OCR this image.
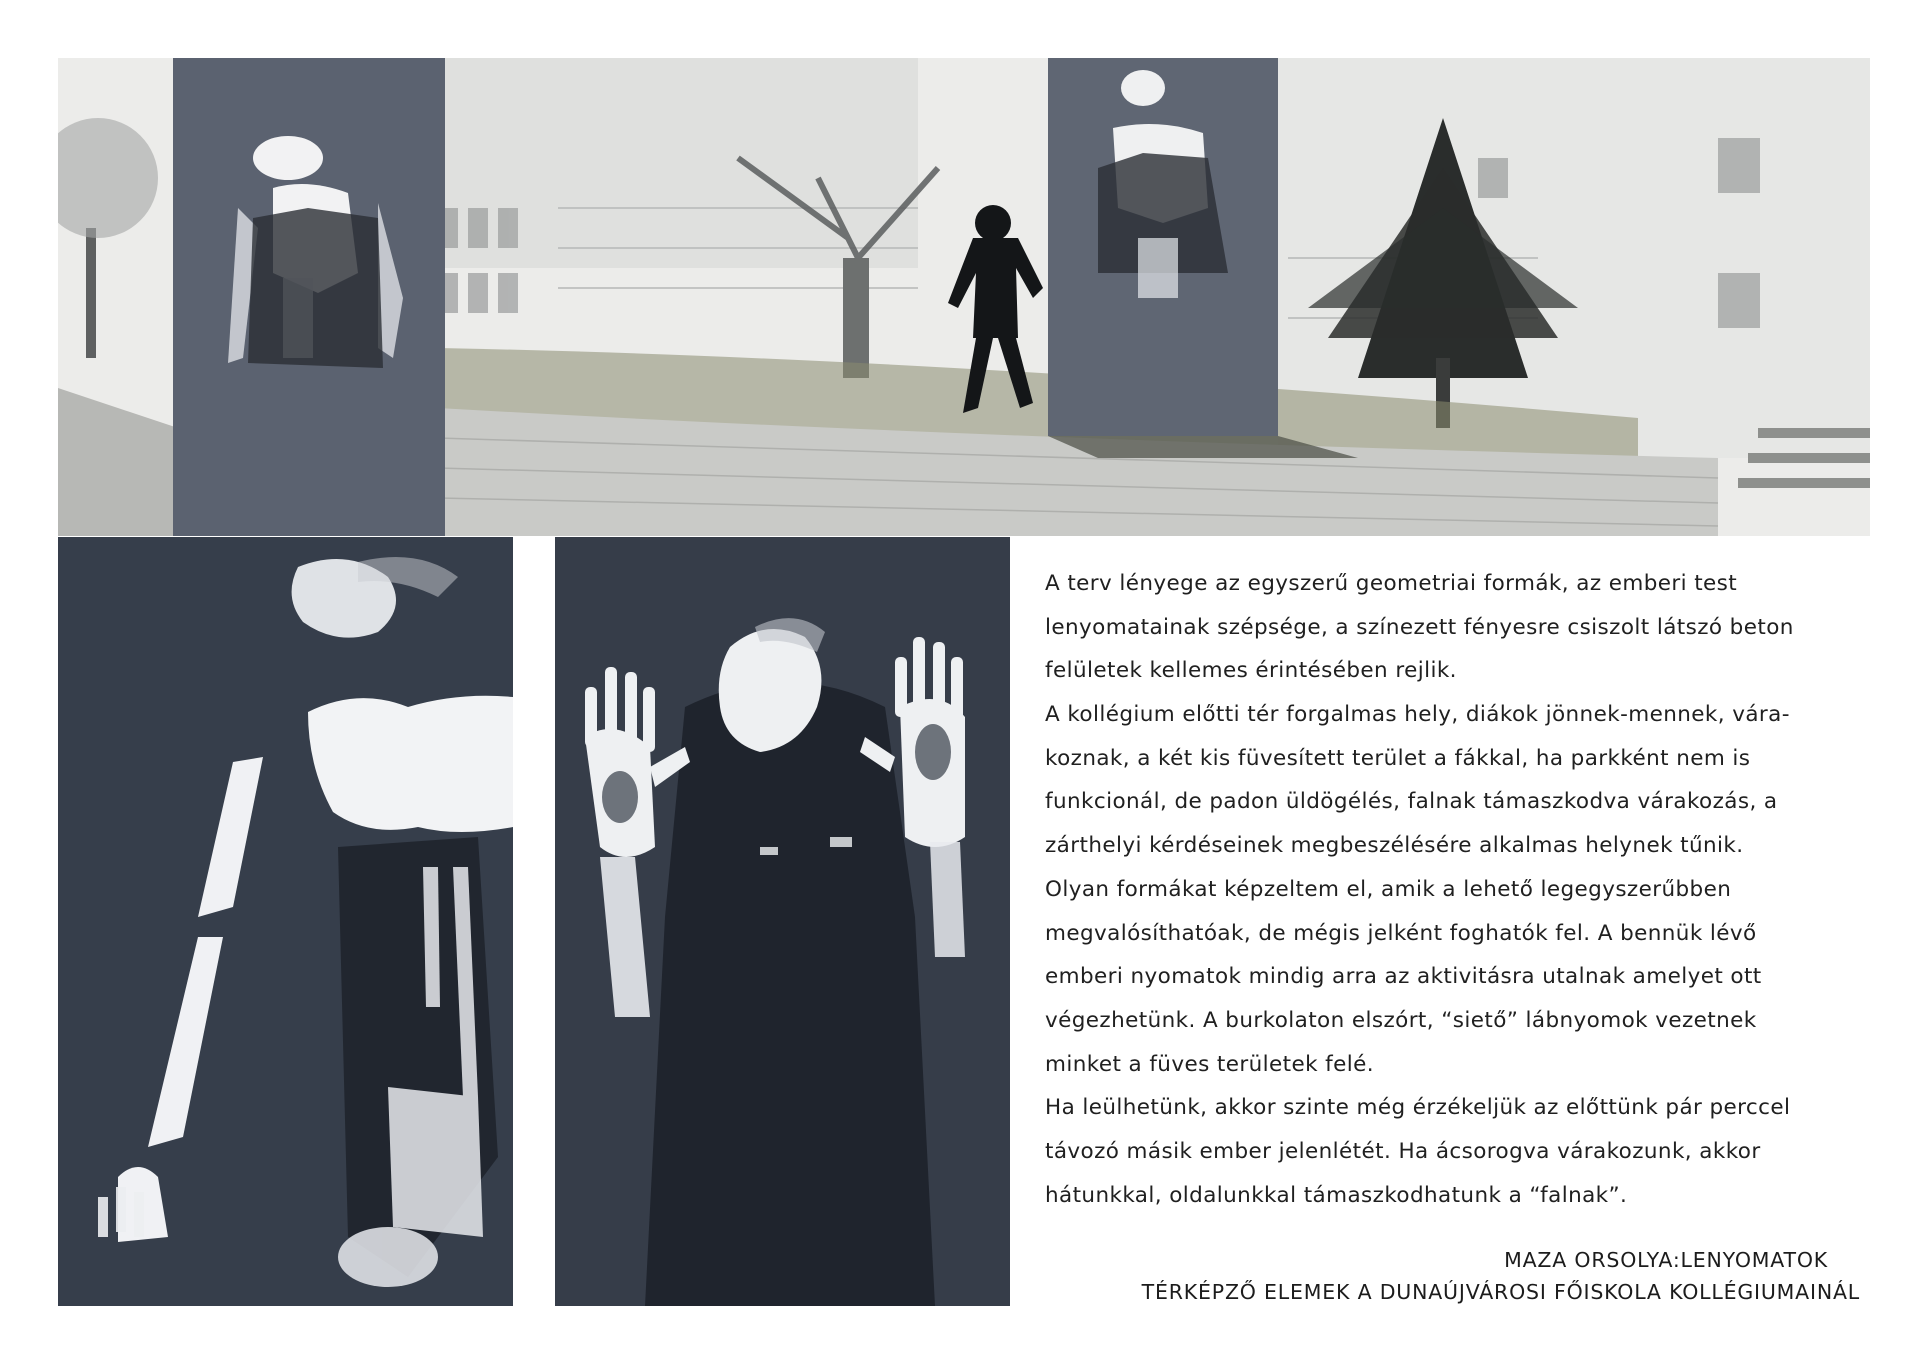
A terv lényege az egyszerű geometriai formák, az emberi test
lenyomatainak szépsége, a színezett fényesre csiszolt látszó beton
felületek kellemes érintésében rejlik.
A kollégium előtti tér forgalmas hely, diákok jönnek-mennek, vára-
koznak, a két kis füvesített terület a fákkal, ha parkként nem is
funkcionál, de padon üldögélés, falnak támaszkodva várakozás, a
zárthelyi kérdéseinek megbeszélésére alkalmas helynek tűnik.
Olyan formákat képzeltem el, amik a lehető legegyszerűbben
megvalósíthatóak, de mégis jelként foghatók fel. A bennük lévő
emberi nyomatok mindig arra az aktivitásra utalnak amelyet ott
végezhetünk. A burkolaton elszórt, “siető” lábnyomok vezetnek
minket a füves területek felé.
Ha leülhetünk, akkor szinte még érzékeljük az előttünk pár perccel
távozó másik ember jelenlétét. Ha ácsorogva várakozunk, akkor
hátunkkal, oldalunkkal támaszkodhatunk a “falnak”.
MAZA ORSOLYA:LENYOMATOK
TÉRKÉPZŐ ELEMEK A DUNAÚJVÁROSI FŐISKOLA KOLLÉGIUMAINÁL
